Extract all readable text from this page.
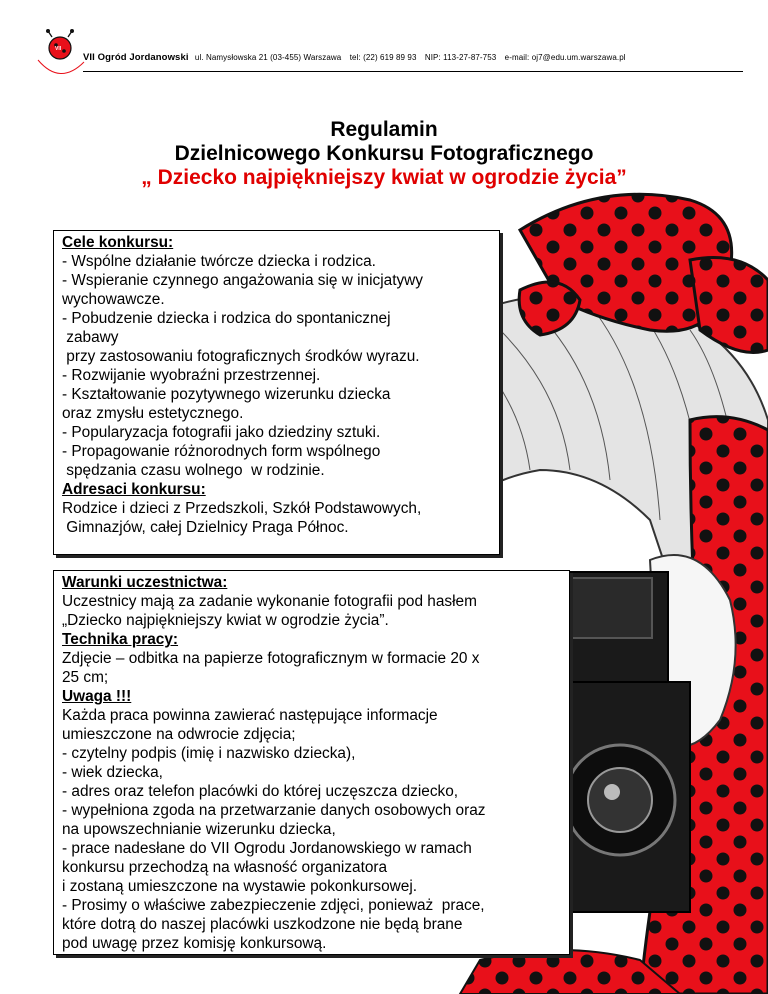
VII
VII Ogród Jordanowski ul. Namysłowska 21 (03-455) Warszawa tel: (22) 619 89 93 NIP: 113-27-87-753 e-mail: oj7@edu.um.warszawa.pl
Regulamin
Dzielnicowego Konkursu Fotograficznego
„ Dziecko najpiękniejszy kwiat w ogrodzie życia”

Cele konkursu:

- Wspólne działanie twórcze dziecka i rodzica.

- Wspieranie czynnego angażowania się w inicjatywy

wychowawcze.

- Pobudzenie dziecka i rodzica do spontanicznej

zabawy

przy zastosowaniu fotograficznych środków wyrazu.

- Rozwijanie wyobraźni przestrzennej.

- Kształtowanie pozytywnego wizerunku dziecka

oraz zmysłu estetycznego.

- Popularyzacja fotografii jako dziedziny sztuki.

- Propagowanie różnorodnych form wspólnego

spędzania czasu wolnego  w rodzinie.

Adresaci konkursu:

Rodzice i dzieci z Przedszkoli, Szkół Podstawowych,

Gimnazjów, całej Dzielnicy Praga Północ.

Warunki uczestnictwa:

Uczestnicy mają za zadanie wykonanie fotografii pod hasłem

„Dziecko najpiękniejszy kwiat w ogrodzie życia”.

Technika pracy:

Zdjęcie – odbitka na papierze fotograficznym w formacie 20 x

25 cm;

Uwaga !!!

Każda praca powinna zawierać następujące informacje

umieszczone na odwrocie zdjęcia;

- czytelny podpis (imię i nazwisko dziecka),

- wiek dziecka,

- adres oraz telefon placówki do której uczęszcza dziecko,

- wypełniona zgoda na przetwarzanie danych osobowych oraz

na upowszechnianie wizerunku dziecka,

- prace nadesłane do VII Ogrodu Jordanowskiego w ramach

konkursu przechodzą na własność organizatora

i zostaną umieszczone na wystawie pokonkursowej.

- Prosimy o właściwe zabezpieczenie zdjęci, ponieważ  prace,

które dotrą do naszej placówki uszkodzone nie będą brane

pod uwagę przez komisję konkursową.
